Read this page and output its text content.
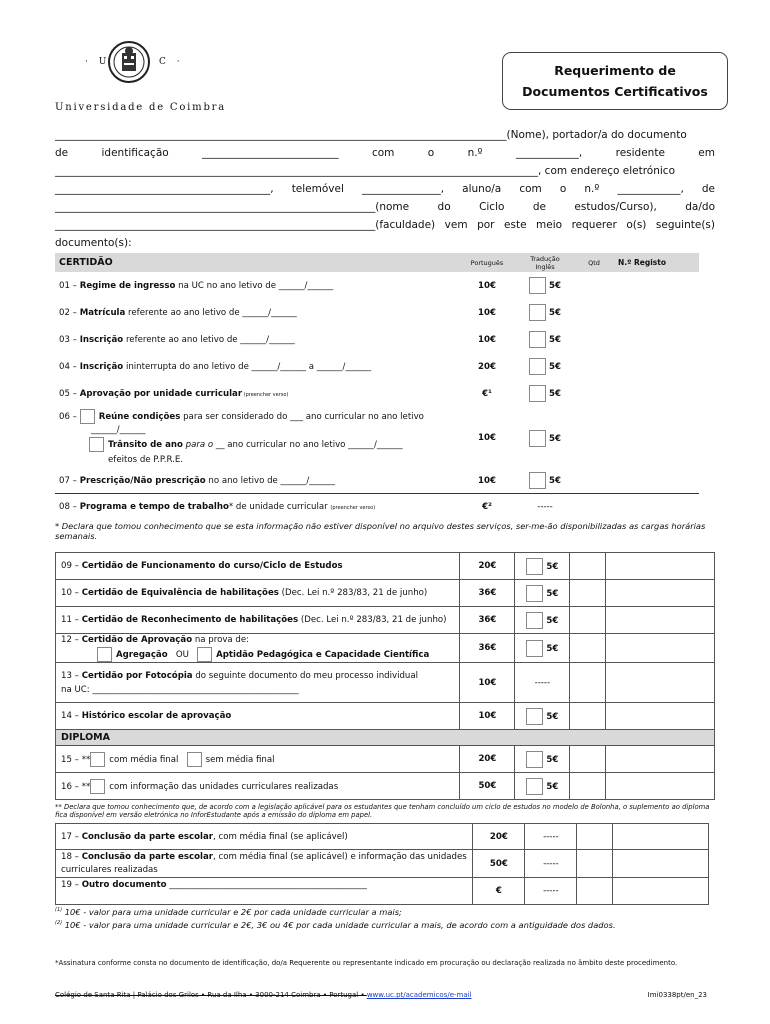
· U	C ·
Universidade de Coimbra
Requerimento de
Documentos Certificativos
______________________________________________________________________________________(Nome), portador/a do documento
de	identificação	__________________________	com	o	n.º	____________,	residente	em
____________________________________________________________________________________________, com endereço eletrónico
_________________________________________, telemóvel _______________, aluno/a com o n.º ____________, de
_____________________________________________________________(nome	do	Ciclo	de	estudos/Curso),	da/do
_____________________________________________________________(faculdade) vem por este meio requerer o(s) seguinte(s)
documento(s):
CERTIDÃO	Português	Tradução Inglês	Qtd	N.º Registo
01 – Regime de ingresso na UC no ano letivo de ______/______	10€	5€		
02 – Matrícula referente ao ano letivo de ______/______	10€	5€		
03 – Inscrição referente ao ano letivo de ______/______	10€	5€		
04 – Inscrição ininterrupta do ano letivo de ______/______ a ______/______	20€	5€		
05 – Aprovação por unidade curricular (preencher verso)	€¹	5€		
06 – Reúne condições para ser considerado do ___ ano curricular no ano letivo
______/______
Trânsito de ano para o __ ano curricular no ano letivo ______/______
efeitos de P.P.R.E.	10€	5€		
07 – Prescrição/Não prescrição no ano letivo de ______/______	10€	5€		
08 – Programa e tempo de trabalho* de unidade curricular (preencher verso)	€²	-----		
* Declara que tomou conhecimento que se esta informação não estiver disponível no arquivo destes serviços, ser-me-ão disponibilizadas as cargas horárias semanais.
09 – Certidão de Funcionamento do curso/Ciclo de Estudos	20€	5€		
10 – Certidão de Equivalência de habilitações (Dec. Lei n.º 283/83, 21 de junho)	36€	5€		
11 – Certidão de Reconhecimento de habilitações (Dec. Lei n.º 283/83, 21 de junho)	36€	5€		
12 – Certidão de Aprovação na prova de:
Agregação OU Aptidão Pedagógica e Capacidade Científica	36€	5€		
13 – Certidão por Fotocópia do seguinte documento do meu processo individual
na UC: ________________________________________________	10€	-----		
14 – Histórico escolar de aprovação	10€	5€		
DIPLOMA				
15 – ** com média final sem média final	20€	5€		
16 – ** com informação das unidades curriculares realizadas	50€	5€		
** Declara que tomou conhecimento que, de acordo com a legislação aplicável para os estudantes que tenham concluído um ciclo de estudos no modelo de Bolonha, o suplemento ao diploma fica disponível em versão eletrónica no InforEstudante após a emissão do diploma em papel.
17 – Conclusão da parte escolar, com média final (se aplicável)	20€	-----		
18 – Conclusão da parte escolar, com média final (se aplicável) e informação das unidades curriculares realizadas	50€	-----		
19 – Outro documento ______________________________________________	€	-----		
$^{(1)}$ 10€ - valor para uma unidade curricular e 2€ por cada unidade curricular a mais;
$^{(2)}$ 10€ - valor para uma unidade curricular e 2€, 3€ ou 4€ por cada unidade curricular a mais, de acordo com a antiguidade dos dados.
*Assinatura conforme consta no documento de identificação, do/a Requerente ou representante indicado em procuração ou declaração realizada no âmbito deste procedimento.
Colégio de Santa Rita | Palácio dos Grilos • Rua da Ilha • 3000-214 Coimbra • Portugal • www.uc.pt/academicos/e-mail	Imi0338pt/en_23
